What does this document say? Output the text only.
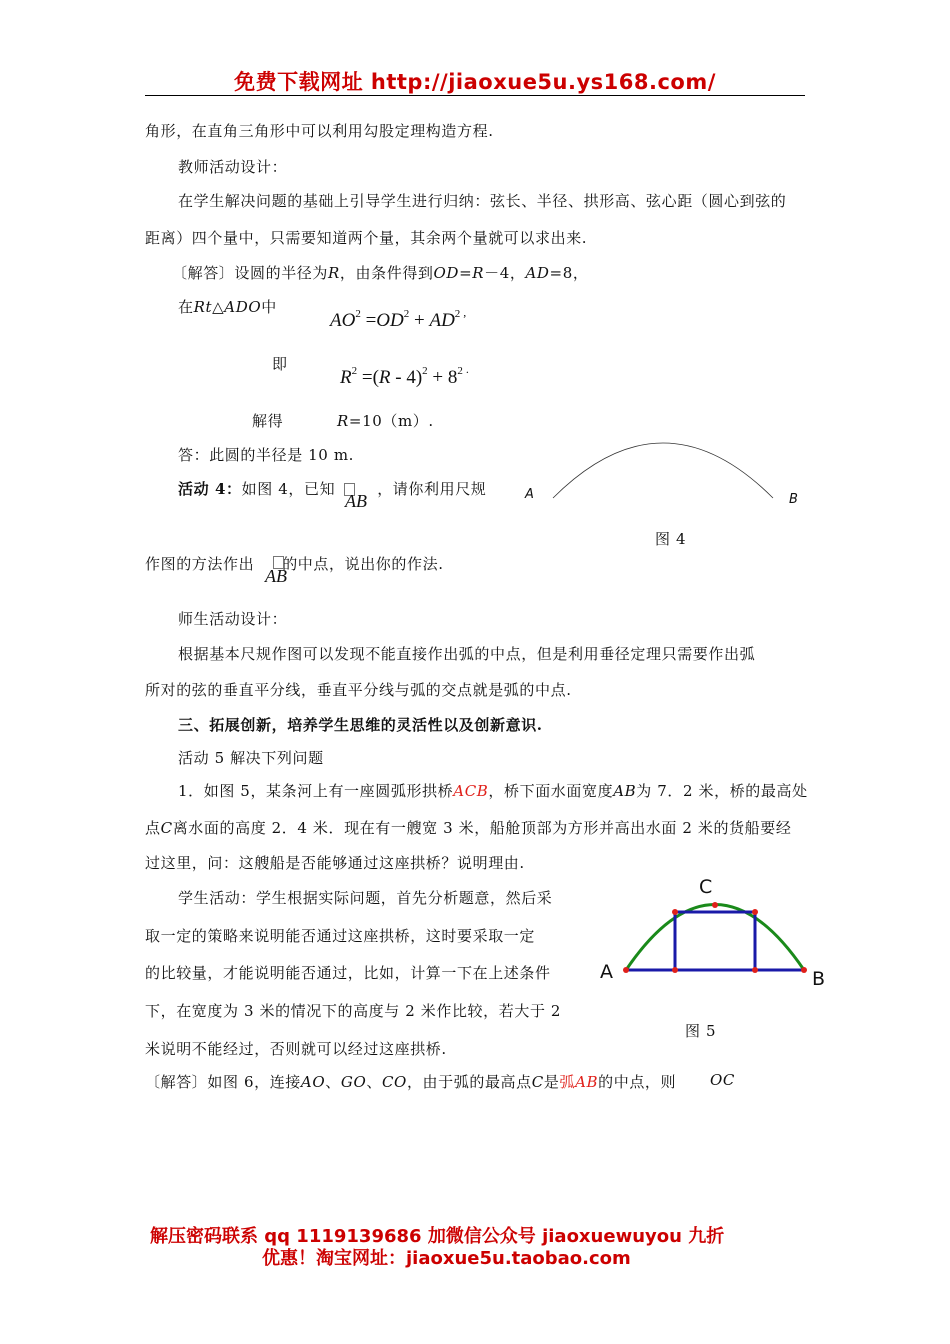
免费下载网址 http://jiaoxue5u.ys168.com/
角形，在直角三角形中可以利用勾股定理构造方程.
教师活动设计：
在学生解决问题的基础上引导学生进行归纳：弦长、半径、拱形高、弦心距（圆心到弦的
距离）四个量中，只需要知道两个量，其余两个量就可以求出来.
〔解答〕设圆的半径为R，由条件得到OD=R－4，AD=8，
在Rt△ADO中
$AO^2 =OD^2 + AD^2$ ,
即
$R^2 =(R - 4)^2 + 8^2$ .
解得	R=10（m）.
答：此圆的半径是 10 m.
活动 4：如图 4，已知	，请你利用尺规
AB	A	B
图 4
作图的方法作出 的中点，说出你的作法.
AB
师生活动设计：
根据基本尺规作图可以发现不能直接作出弧的中点，但是利用垂径定理只需要作出弧
所对的弦的垂直平分线，垂直平分线与弧的交点就是弧的中点.
三、拓展创新，培养学生思维的灵活性以及创新意识.
活动 5 解决下列问题
1．如图 5，某条河上有一座圆弧形拱桥ACB，桥下面水面宽度AB为 7．2 米，桥的最高处
点C离水面的高度 2．4 米．现在有一艘宽 3 米，船舱顶部为方形并高出水面 2 米的货船要经
过这里，问：这艘船是否能够通过这座拱桥？说明理由.
学生活动：学生根据实际问题，首先分析题意，然后采
取一定的策略来说明能否通过这座拱桥，这时要采取一定
的比较量，才能说明能否通过，比如，计算一下在上述条件
下，在宽度为 3 米的情况下的高度与 2 米作比较，若大于 2
米说明不能经过，否则就可以经过这座拱桥.
C
A	B
图 5
〔解答〕如图 6，连接AO、GO、CO，由于弧的最高点C是弧AB的中点，则 OC
解压密码联系 qq 1119139686 加微信公众号 jiaoxuewuyou 九折
优惠！淘宝网址：jiaoxue5u.taobao.com
